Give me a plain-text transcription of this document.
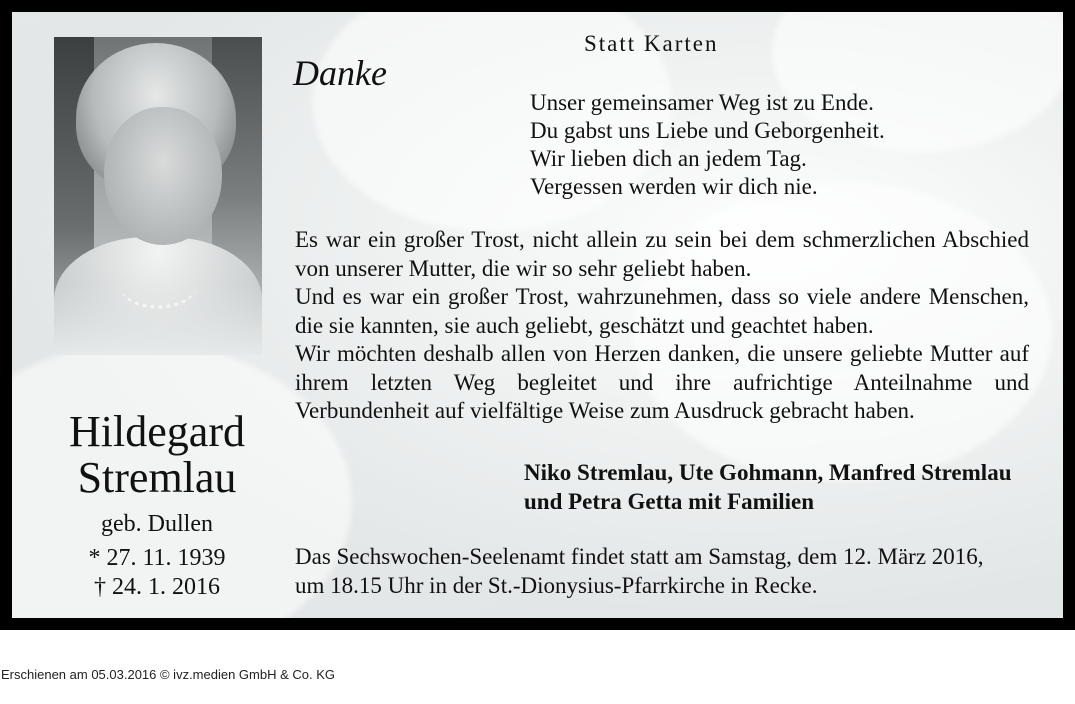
Hildegard
Stremlau
geb. Dullen
* 27. 11. 1939
† 24. 1. 2016
Statt Karten
Danke
Unser gemeinsamer Weg ist zu Ende.
Du gabst uns Liebe und Geborgenheit.
Wir lieben dich an jedem Tag.
Vergessen werden wir dich nie.

Es war ein großer Trost, nicht allein zu sein bei dem schmerzlichen Abschied von unserer Mutter, die wir so sehr geliebt haben.

Und es war ein großer Trost, wahrzunehmen, dass so viele andere Menschen, die sie kannten, sie auch geliebt, geschätzt und geachtet haben.

Wir möchten deshalb allen von Herzen danken, die unsere geliebte Mutter auf ihrem letzten Weg begleitet und ihre aufrichtige Anteilnahme und Verbundenheit auf vielfältige Weise zum Ausdruck gebracht haben.

Niko Stremlau, Ute Gohmann, Manfred Stremlau
und Petra Getta mit Familien
Das Sechswochen-Seelenamt findet statt am Samstag, dem 12. März 2016,
um 18.15 Uhr in der St.-Dionysius-Pfarrkirche in Recke.
Erschienen am 05.03.2016 © ivz.medien GmbH & Co. KG
